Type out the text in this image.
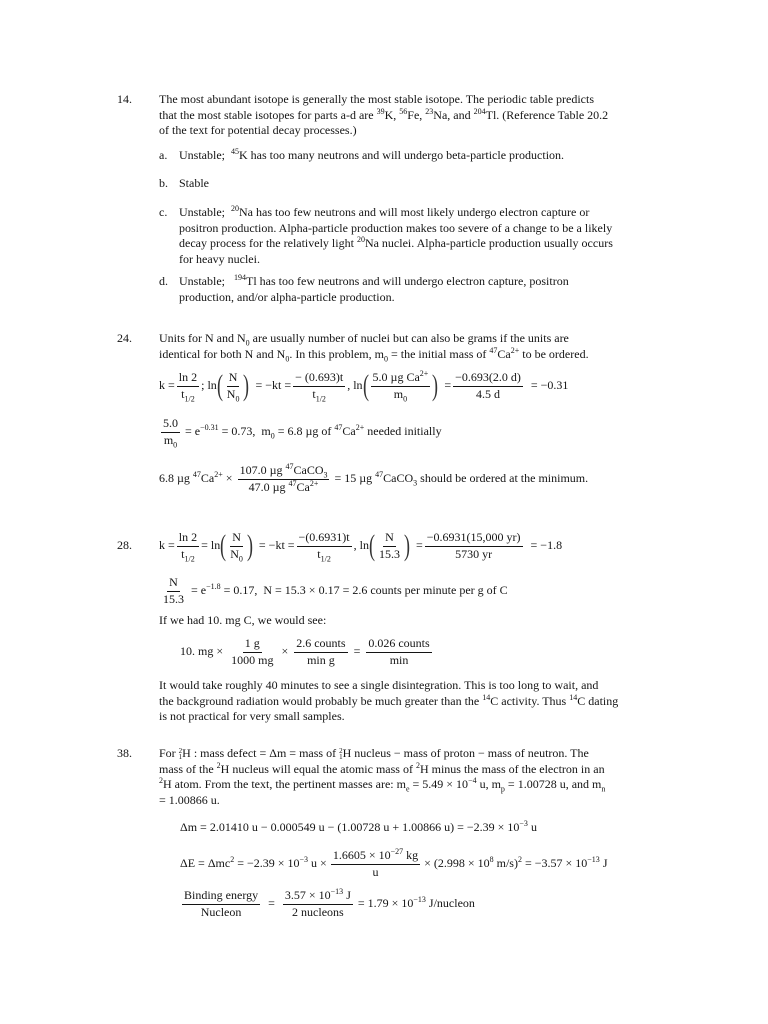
14. The most abundant isotope is generally the most stable isotope. The periodic table predicts
that the most stable isotopes for parts a-d are $^{39}$K, $^{56}$Fe, $^{23}$Na, and $^{204}$Tl. (Reference Table 20.2
of the text for potential decay processes.)

a. Unstable;  $^{45}$K has too many neutrons and will undergo beta-particle production.

b. Stable

c. Unstable;  $^{20}$Na has too few neutrons and will most likely undergo electron capture or
positron production. Alpha-particle production makes too severe of a change to be a likely
decay process for the relatively light $^{20}$Na nuclei. Alpha-particle production usually occurs
for heavy nuclei.

d. Unstable;   $^{194}$Tl has too few neutrons and will undergo electron capture, positron
production, and/or alpha-particle production.

24. Units for N and $N_0$ are usually number of nuclei but can also be grams if the units are
identical for both N and $N_0$. In this problem, $m_0$ = the initial mass of $^{47}Ca^{2+}$ to be ordered.

$k = \frac{\ln 2}{t_{1/2}}$ ; ln ( $\frac{N}{N_0}$ ) = $-kt = \frac{- (0.693)t}{t_{1/2}}$ , ln ( $\frac{5.0 \mu g Ca^{2+}}{m_0}$ ) = $\frac{-0.693(2.0 d)}{4.5 d} = -0.31$
$\frac{5.0}{m_0} = e^{-0.31} = 0.73$,  $m_0 = 6.8$ µg of $^{47}Ca^{2+}$ needed initially
6.8 µg $^{47}Ca^{2+} \times \frac{107.0 \mu g ^{47}CaCO_3}{47.0 \mu g ^{47}Ca^{2+}} = 15$ µg $^{47}$CaCO$_3$ should be ordered at the minimum.
28. $k = \frac{\ln 2}{t_{1/2}} = \ln$ ( $\frac{N}{N_0}$ ) = $-kt = \frac{-(0.6931)t}{t_{1/2}}$ , ln ( $\frac{N}{15.3}$ ) = $\frac{-0.6931(15,000 yr)}{5730 yr} = -1.8$
$\frac{N}{15.3} = e^{-1.8} = 0.17$,  N = 15.3 × 0.17 = 2.6 counts per minute per g of C

If we had 10. mg C, we would see:

10. mg × $\frac{1 g}{1000 mg} \times \frac{\text{2.6 counts}}{\text{min g}} = \frac{\text{0.026 counts}}{\min}$

It would take roughly 40 minutes to see a single disintegration. This is too long to wait, and
the background radiation would probably be much greater than the $^{14}$C activity. Thus $^{14}$C dating
is not practical for very small samples.

38. For 2
1 H : mass defect = Δm = mass of 2
1 H nucleus − mass of proton − mass of neutron. The
mass of the $^2$H nucleus will equal the atomic mass of $^2$H minus the mass of the electron in an
$^2$H atom. From the text, the pertinent masses are: $m_e = 5.49 \times 10^{-4}$ u, $m_p = 1.00728$ u, and $m_n$
= 1.00866 u.

Δm = 2.01410 u − 0.000549 u − (1.00728 u + 1.00866 $u) = -2.39 \times 10^{-3}$ u
$\Delta E = \Delta mc^2 = -2.39 \times 10^{-3}$ $u \times \frac{1.6605 \times 10^{-27} kg}{u} \times (2.998 \times 10^8$ $m/s)^2 = -3.57 \times 10^{-13}$ J
$\frac{\text{Binding energy}}{\text{Nucleon}} = \frac{3.57 \times 10^{-13} J}{\text{2 nucleons}} = 1.79 \times 10^{-13}$ J/nucleon
